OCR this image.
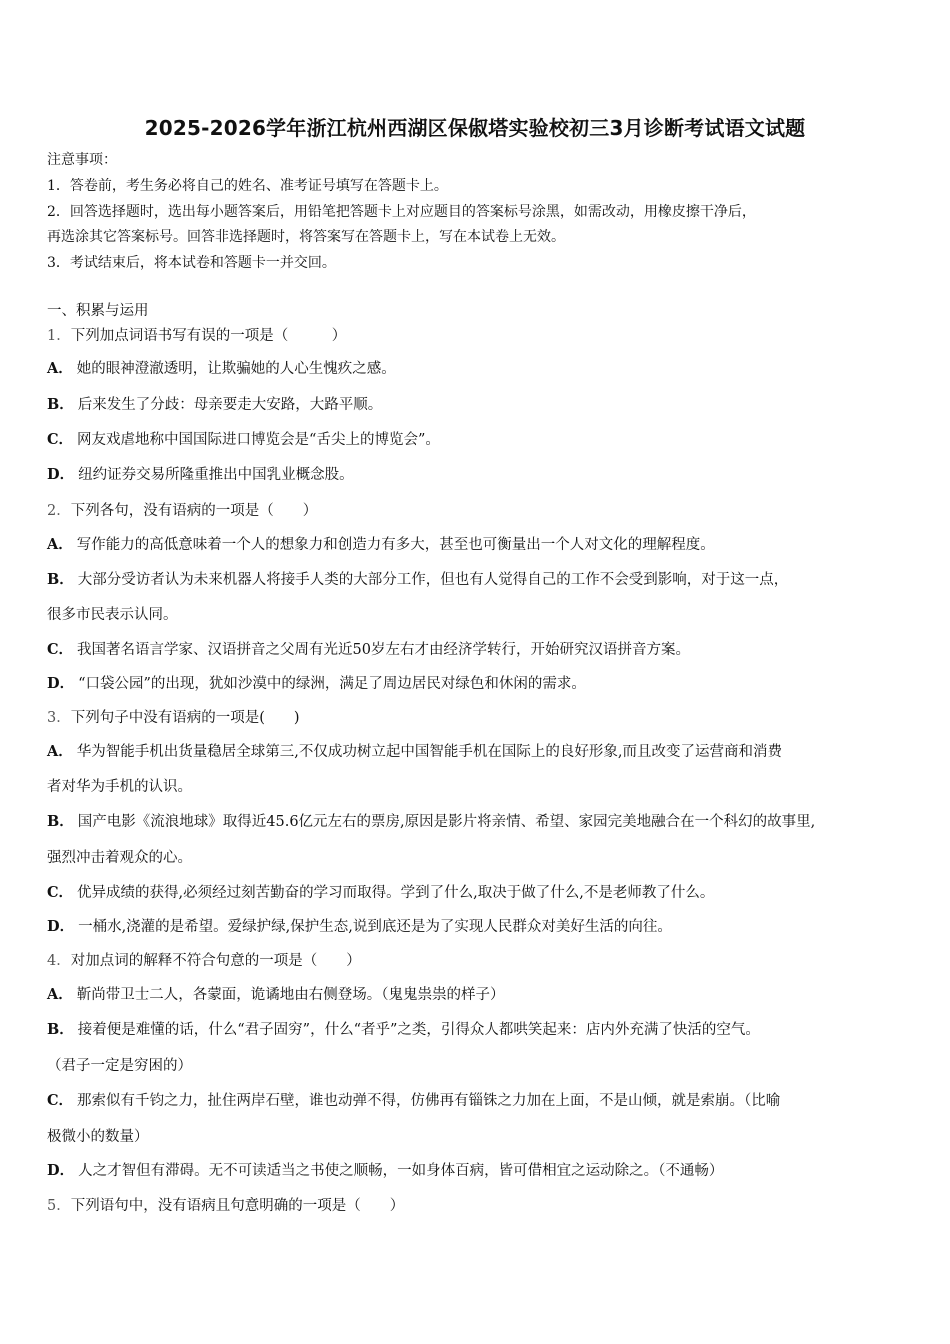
2025-2026学年浙江杭州西湖区保俶塔实验校初三3月诊断考试语文试题
注意事项：
1．答卷前，考生务必将自己的姓名、准考证号填写在答题卡上。
2．回答选择题时，选出每小题答案后，用铅笔把答题卡上对应题目的答案标号涂黑，如需改动，用橡皮擦干净后，
再选涂其它答案标号。回答非选择题时，将答案写在答题卡上，写在本试卷上无效。
3．考试结束后，将本试卷和答题卡一并交回。
一、积累与运用
1．下列加点词语书写有误的一项是（　　　）
A． 她的眼神澄澈透明，让欺骗她的人心生愧疚之感。
B． 后来发生了分歧：母亲要走大安路，大路平顺。
C． 网友戏虐地称中国国际进口博览会是“舌尖上的博览会”。
D． 纽约证券交易所隆重推出中国乳业概念股。
2．下列各句，没有语病的一项是（　　）
A． 写作能力的高低意味着一个人的想象力和创造力有多大，甚至也可衡量出一个人对文化的理解程度。
B． 大部分受访者认为未来机器人将接手人类的大部分工作，但也有人觉得自己的工作不会受到影响，对于这一点，
很多市民表示认同。
C． 我国著名语言学家、汉语拼音之父周有光近50岁左右才由经济学转行，开始研究汉语拼音方案。
D． “口袋公园”的出现，犹如沙漠中的绿洲，满足了周边居民对绿色和休闲的需求。
3．下列句子中没有语病的一项是(　　)
A． 华为智能手机出货量稳居全球第三,不仅成功树立起中国智能手机在国际上的良好形象,而且改变了运营商和消费
者对华为手机的认识。
B． 国产电影《流浪地球》取得近45.6亿元左右的票房,原因是影片将亲情、希望、家园完美地融合在一个科幻的故事里,
强烈冲击着观众的心。
C． 优异成绩的获得,必须经过刻苦勤奋的学习而取得。学到了什么,取决于做了什么,不是老师教了什么。
D． 一桶水,浇灌的是希望。爱绿护绿,保护生态,说到底还是为了实现人民群众对美好生活的向往。
4．对加点词的解释不符合句意的一项是（　　）
A． 靳尚带卫士二人，各蒙面，诡谲地由右侧登场。（鬼鬼祟祟的样子）
B． 接着便是难懂的话，什么“君子固穷”，什么“者乎”之类，引得众人都哄笑起来：店内外充满了快活的空气。
（君子一定是穷困的）
C． 那索似有千钧之力，扯住两岸石壁，谁也动弹不得，仿佛再有锱铢之力加在上面，不是山倾，就是索崩。（比喻
极微小的数量）
D． 人之才智但有滞碍。无不可读适当之书使之顺畅，一如身体百病，皆可借相宜之运动除之。（不通畅）
5．下列语句中，没有语病且句意明确的一项是（　　）
